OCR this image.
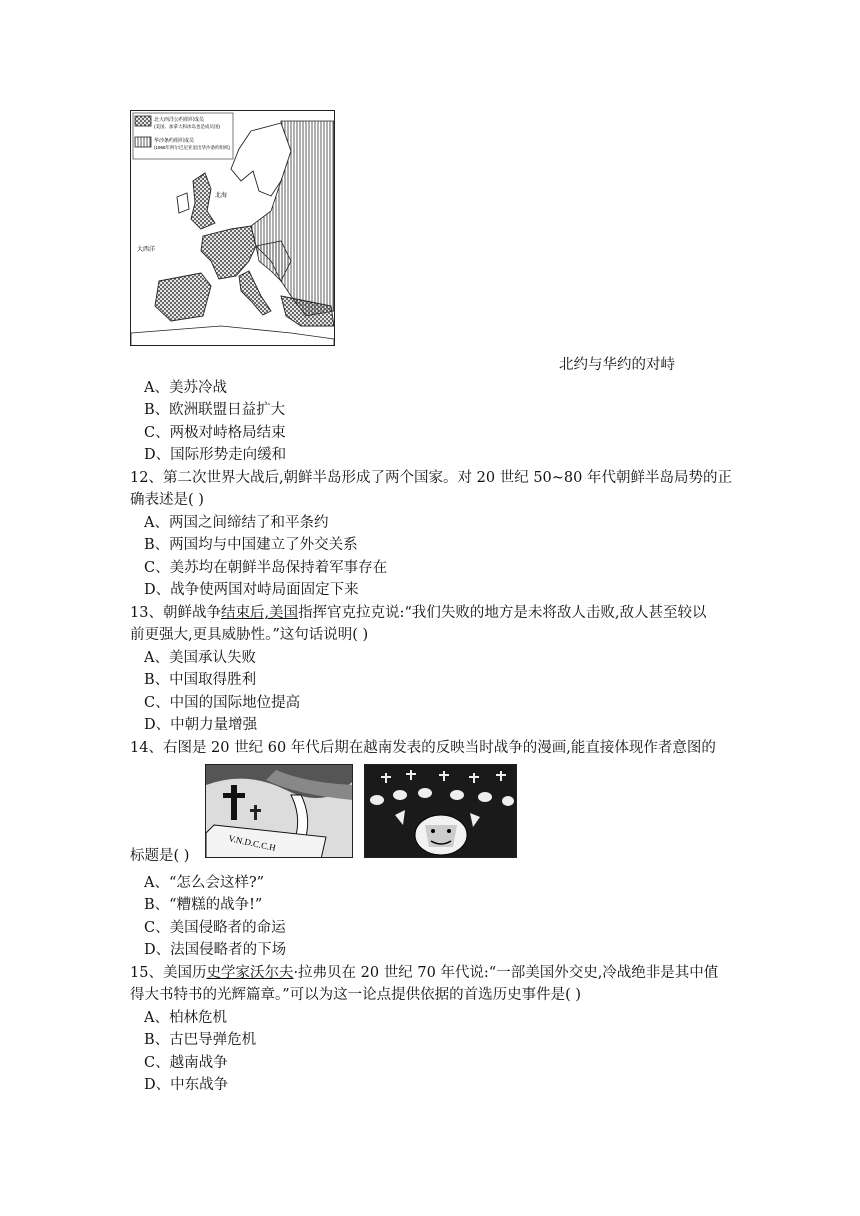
北大西洋公约组织成员
(美国、加拿大和冰岛也是成员国)
华沙条约组织成员
(1968年阿尔巴尼亚退出华沙条约组织)
大西洋
北海
北约与华约的对峙
A、美苏冷战
B、欧洲联盟日益扩大
C、两极对峙格局结束
D、国际形势走向缓和
12、第二次世界大战后,朝鲜半岛形成了两个国家。对 20 世纪 50~80 年代朝鲜半岛局势的正
确表述是( )
A、两国之间缔结了和平条约
B、两国均与中国建立了外交关系
C、美苏均在朝鲜半岛保持着军事存在
D、战争使两国对峙局面固定下来
13、朝鲜战争结束后,美国指挥官克拉克说:“我们失败的地方是未将敌人击败,敌人甚至较以
前更强大,更具威胁性。”这句话说明( )
A、美国承认失败
B、中国取得胜利
C、中国的国际地位提高
D、中朝力量增强
14、右图是 20 世纪 60 年代后期在越南发表的反映当时战争的漫画,能直接体现作者意图的
V.N.D.C.C.H
标题是( )
A、“怎么会这样?”
B、“糟糕的战争!”
C、美国侵略者的命运
D、法国侵略者的下场
15、美国历史学家沃尔夫·拉弗贝在 20 世纪 70 年代说:“一部美国外交史,冷战绝非是其中值
得大书特书的光辉篇章。”可以为这一论点提供依据的首选历史事件是( )
A、柏林危机
B、古巴导弹危机
C、越南战争
D、中东战争
